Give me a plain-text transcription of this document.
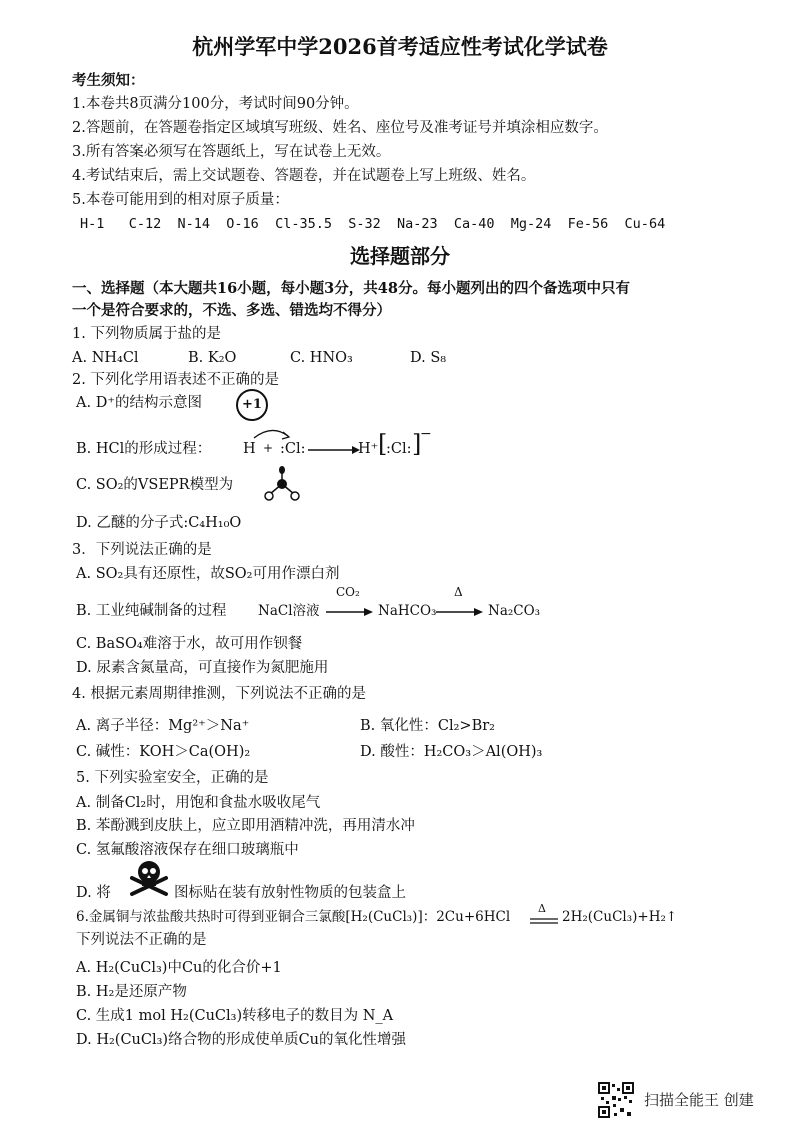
杭州学军中学2026首考适应性考试化学试卷
考生须知：
1.本卷共8页满分100分，考试时间90分钟。
2.答题前，在答题卷指定区域填写班级、姓名、座位号及准考证号并填涂相应数字。
3.所有答案必须写在答题纸上，写在试卷上无效。
4.考试结束后，需上交试题卷、答题卷，并在试题卷上写上班级、姓名。
5.本卷可能用到的相对原子质量：
H-1   C-12  N-14  O-16  Cl-35.5  S-32  Na-23  Ca-40  Mg-24  Fe-56  Cu-64
选择题部分
一、选择题（本大题共16小题，每小题3分，共48分。每小题列出的四个备选项中只有
一个是符合要求的，不选、多选、错选均不得分）
1. 下列物质属于盐的是
A. NH₄Cl	B. K₂O	C. HNO₃	D. S₈
2. 下列化学用语表述不正确的是
A. D⁺的结构示意图	+1
B. HCl的形成过程： H + :Cl:	H⁺ [
:Cl: ]
−
C. SO₂的VSEPR模型为
D. 乙醚的分子式:C₄H₁₀O
3．下列说法正确的是
A. SO₂具有还原性，故SO₂可用作漂白剂
B. 工业纯碱制备的过程 NaCl溶液
CO₂
NaHCO₃
Δ
Na₂CO₃
C. BaSO₄难溶于水，故可用作钡餐
D. 尿素含氮量高，可直接作为氮肥施用
4. 根据元素周期律推测，下列说法不正确的是
A. 离子半径：Mg²⁺＞Na⁺	B. 氧化性：Cl₂>Br₂
C. 碱性：KOH＞Ca(OH)₂	D. 酸性：H₂CO₃＞Al(OH)₃
5. 下列实验室安全，正确的是
A. 制备Cl₂时，用饱和食盐水吸收尾气
B. 苯酚溅到皮肤上，应立即用酒精冲洗，再用清水冲
C. 氢氟酸溶液保存在细口玻璃瓶中
D. 将	图标贴在装有放射性物质的包装盒上
6.金属铜与浓盐酸共热时可得到亚铜合三氯酸[H₂(CuCl₃)]：2Cu+6HCl
Δ
2H₂(CuCl₃)+H₂↑
下列说法不正确的是
A. H₂(CuCl₃)中Cu的化合价+1
B. H₂是还原产物
C. 生成1 mol H₂(CuCl₃)转移电子的数目为 N_A
D. H₂(CuCl₃)络合物的形成使单质Cu的氧化性增强
扫描全能王 创建
